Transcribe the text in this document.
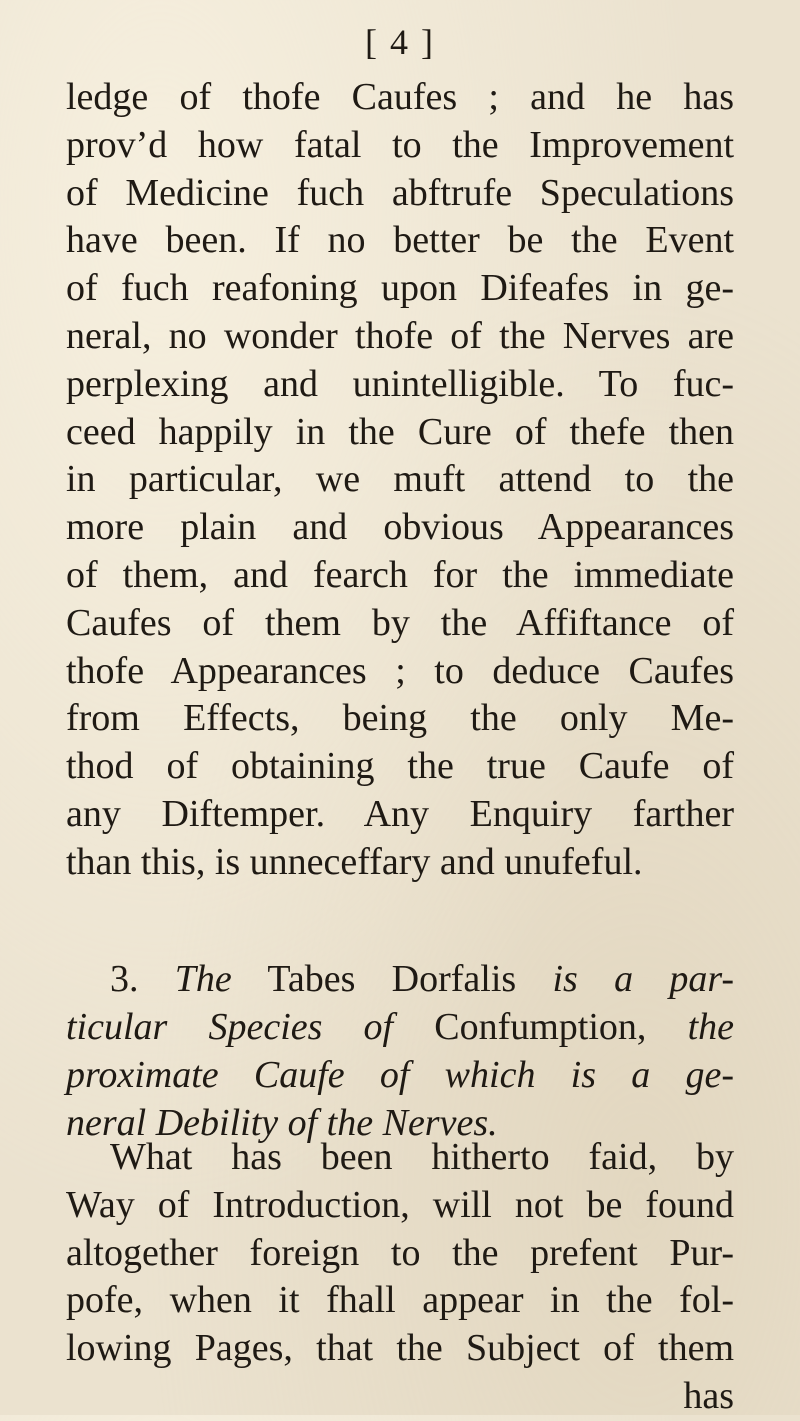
[ 4 ]
ledge of thofe Caufes ; and he has
prov’d how fatal to the Improvement
of Medicine fuch abftrufe Speculations
have been. If no better be the Event
of fuch reafoning upon Difeafes in ge-
neral, no wonder thofe of the Nerves are
perplexing and unintelligible. To fuc-
ceed happily in the Cure of thefe then
in particular, we muft attend to the
more plain and obvious Appearances
of them, and fearch for the immediate
Caufes of them by the Affiftance of
thofe Appearances ; to deduce Caufes
from Effects, being the only Me-
thod of obtaining the true Caufe of
any Diftemper. Any Enquiry farther
than this, is unneceffary and unufeful.
3. The Tabes Dorfalis is a par-
ticular Species of Confumption, the
proximate Caufe of which is a ge-
neral Debility of the Nerves.
What has been hitherto faid, by
Way of Introduction, will not be found
altogether foreign to the prefent Pur-
pofe, when it fhall appear in the fol-
lowing Pages, that the Subject of them
has
